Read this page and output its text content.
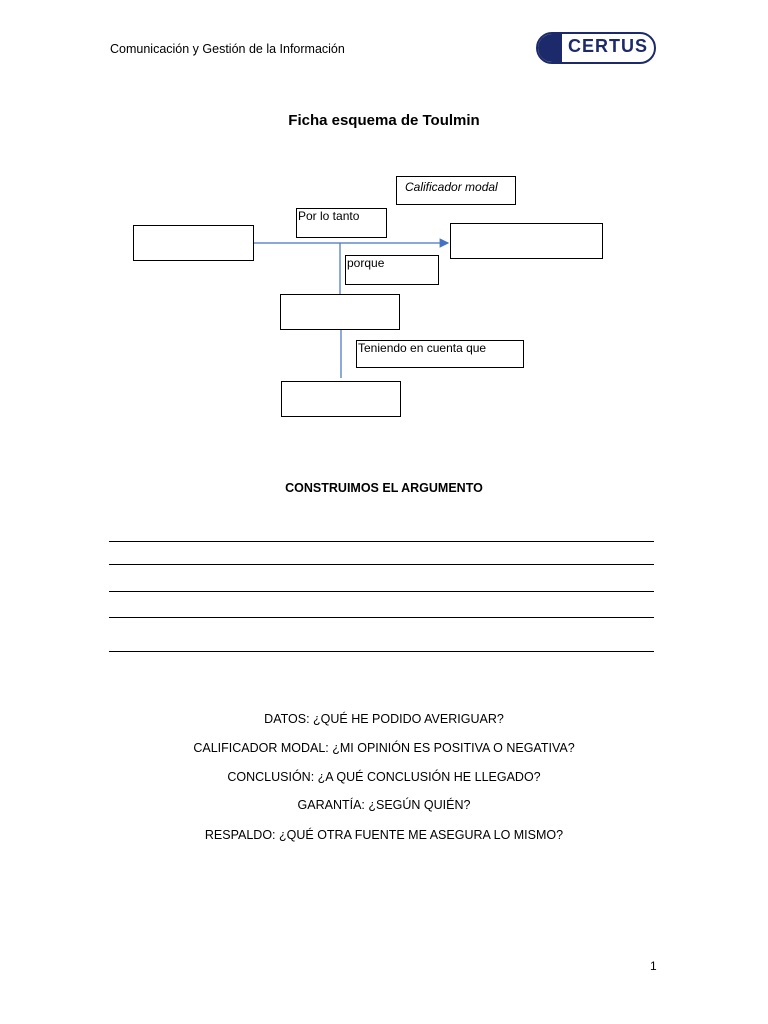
Comunicación y Gestión de la Información	CERTUS
Ficha esquema de Toulmin
Calificador modal
Por lo tanto
porque
Teniendo en cuenta que
CONSTRUIMOS EL ARGUMENTO
DATOS: ¿QUÉ HE PODIDO AVERIGUAR?
CALIFICADOR MODAL: ¿MI OPINIÓN ES POSITIVA O NEGATIVA?
CONCLUSIÓN: ¿A QUÉ CONCLUSIÓN HE LLEGADO?
GARANTÍA: ¿SEGÚN QUIÉN?
RESPALDO: ¿QUÉ OTRA FUENTE ME ASEGURA LO MISMO?
1
